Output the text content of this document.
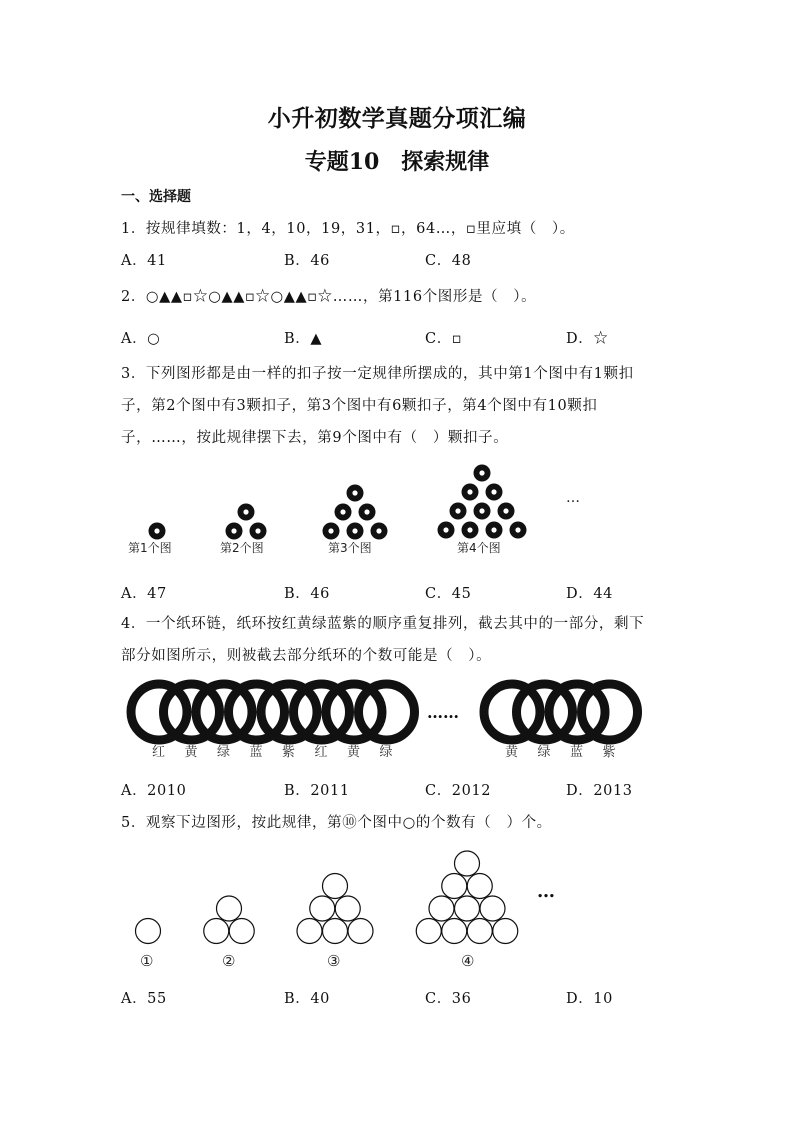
小升初数学真题分项汇编
专题10　探索规律
一、选择题
1．按规律填数：1，4，10，19，31，▫，64…，▫里应填（　）。
A．41	B．46	C．48
2．○▲▲▫☆○▲▲▫☆○▲▲▫☆……，第116个图形是（　）。
A．○	B．▲	C．▫	D．☆
3．下列图形都是由一样的扣子按一定规律所摆成的，其中第1个图中有1颗扣
子，第2个图中有3颗扣子，第3个图中有6颗扣子，第4个图中有10颗扣
子，……，按此规律摆下去，第9个图中有（　）颗扣子。
第1个图	第2个图	第3个图	第4个图
…
……
红 黄 绿 蓝 紫 红 黄 绿	黄 绿 蓝 紫
①	②	③	④
…
A．47	B．46	C．45	D．44
4．一个纸环链，纸环按红黄绿蓝紫的顺序重复排列，截去其中的一部分，剩下
部分如图所示，则被截去部分纸环的个数可能是（　）。
A．2010	B．2011	C．2012	D．2013
5．观察下边图形，按此规律，第⑩个图中○的个数有（　）个。
A．55	B．40	C．36	D．10
